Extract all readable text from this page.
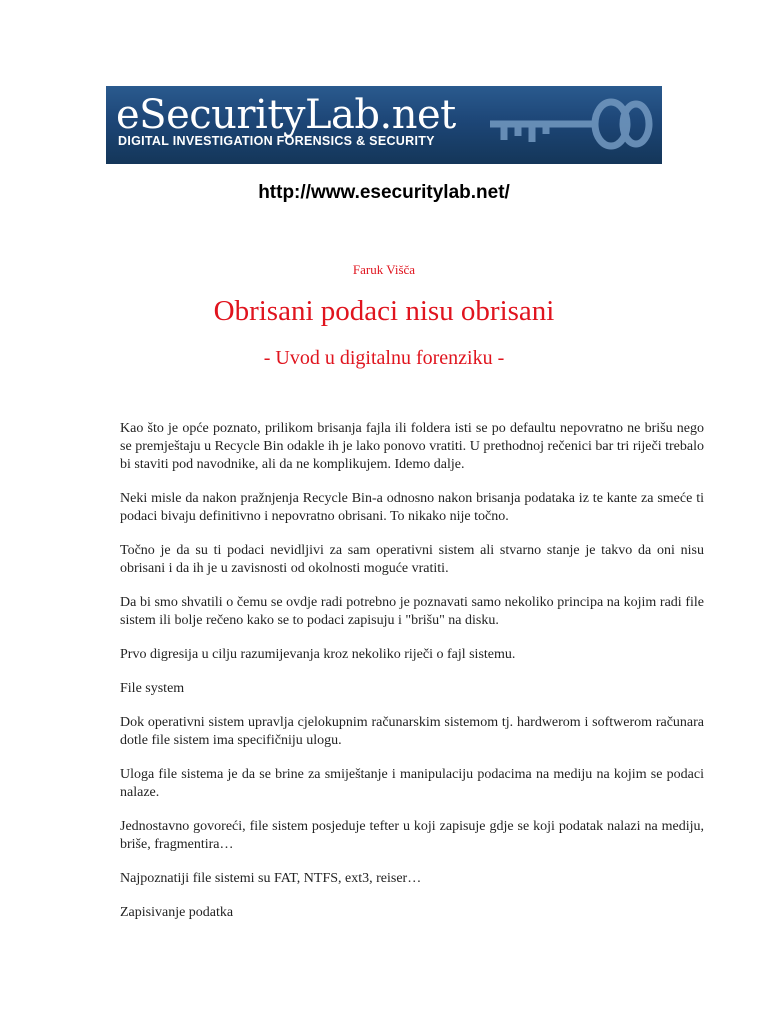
eSecurityLab.net
DIGITAL INVESTIGATION FORENSICS & SECURITY
http://www.esecuritylab.net/
Faruk Višča
Obrisani podaci nisu obrisani
- Uvod u digitalnu forenziku -

Kao što je opće poznato, prilikom brisanja fajla ili foldera isti se po defaultu nepovratno ne brišu nego se premještaju u Recycle Bin odakle ih je lako ponovo vratiti. U prethodnoj rečenici bar tri riječi trebalo bi staviti pod navodnike, ali da ne komplikujem. Idemo dalje.

Neki misle da nakon pražnjenja Recycle Bin-a odnosno nakon brisanja podataka iz te kante za smeće ti podaci bivaju definitivno i nepovratno obrisani. To nikako nije točno.

Točno je da su ti podaci nevidljivi za sam operativni sistem ali stvarno stanje je takvo da oni nisu obrisani i da ih je u zavisnosti od okolnosti moguće vratiti.

Da bi smo shvatili o čemu se ovdje radi potrebno je poznavati samo nekoliko principa na kojim radi file sistem ili bolje rečeno kako se to podaci zapisuju i "brišu" na disku.

Prvo digresija u cilju razumijevanja kroz nekoliko riječi o fajl sistemu.

File system

Dok operativni sistem upravlja cjelokupnim računarskim sistemom tj. hardwerom i softwerom računara dotle file sistem ima specifičniju ulogu.

Uloga file sistema je da se brine za smiještanje i manipulaciju podacima na mediju na kojim se podaci nalaze.

Jednostavno govoreći, file sistem posjeduje tefter u koji zapisuje gdje se koji podatak nalazi na mediju, briše, fragmentira…

Najpoznatiji file sistemi su FAT, NTFS, ext3, reiser…

Zapisivanje podatka
